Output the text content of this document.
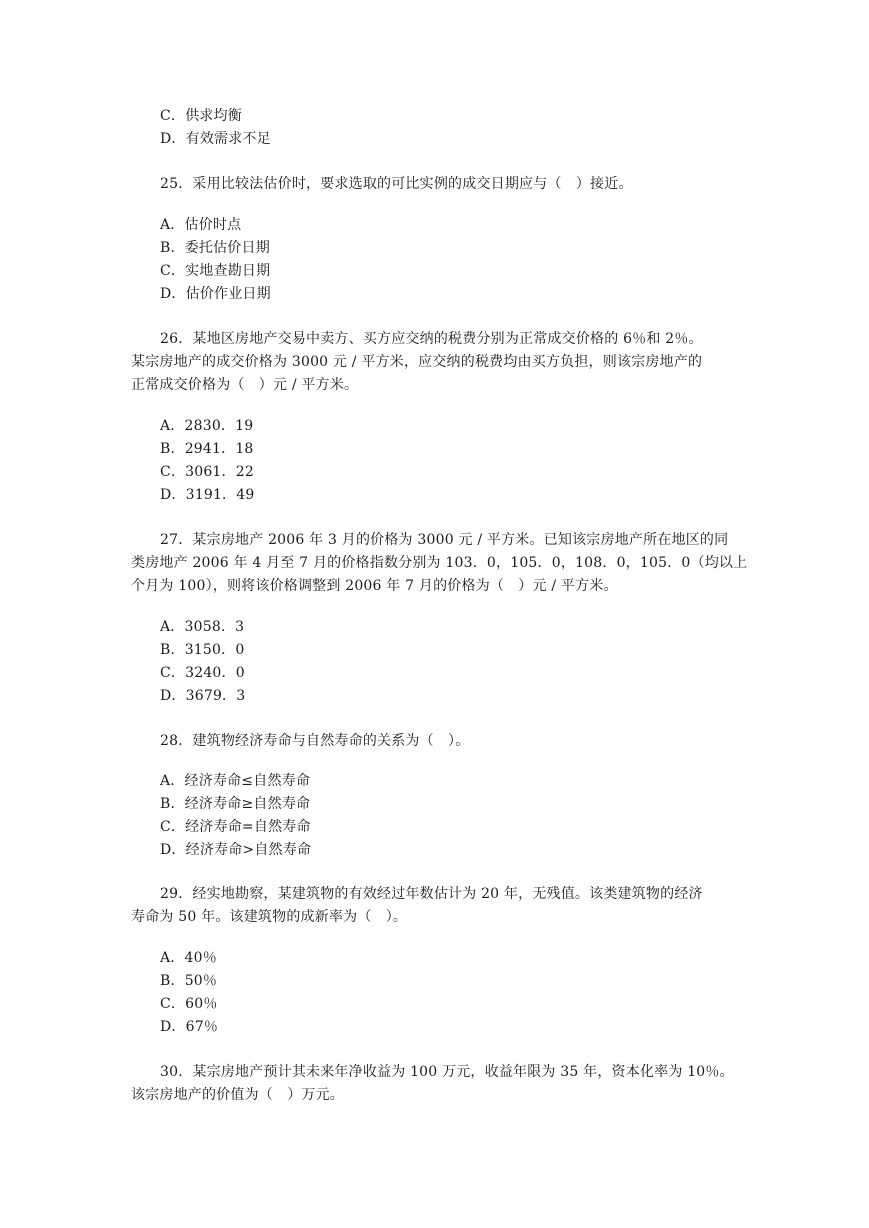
C．供求均衡
D．有效需求不足
25．采用比较法估价时，要求选取的可比实例的成交日期应与（　）接近。
A．估价时点
B．委托估价日期
C．实地查勘日期
D．估价作业日期
26．某地区房地产交易中卖方、买方应交纳的税费分别为正常成交价格的 6％和 2％。
某宗房地产的成交价格为 3000 元 / 平方米，应交纳的税费均由买方负担，则该宗房地产的
正常成交价格为（　）元 / 平方米。
A．2830．19
B．2941．18
C．3061．22
D．3191．49
27．某宗房地产 2006 年 3 月的价格为 3000 元 / 平方米。已知该宗房地产所在地区的同
类房地产 2006 年 4 月至 7 月的价格指数分别为 103．0，105．0，108．0，105．0（均以上
个月为 100），则将该价格调整到 2006 年 7 月的价格为（　）元 / 平方米。
A．3058．3
B．3150．0
C．3240．0
D．3679．3
28．建筑物经济寿命与自然寿命的关系为（　）。
A．经济寿命≤自然寿命
B．经济寿命≥自然寿命
C．经济寿命=自然寿命
D．经济寿命>自然寿命
29．经实地勘察，某建筑物的有效经过年数估计为 20 年，无残值。该类建筑物的经济
寿命为 50 年。该建筑物的成新率为（　）。
A．40％
B．50％
C．60％
D．67％
30．某宗房地产预计其未来年净收益为 100 万元，收益年限为 35 年，资本化率为 10％。
该宗房地产的价值为（　）万元。
